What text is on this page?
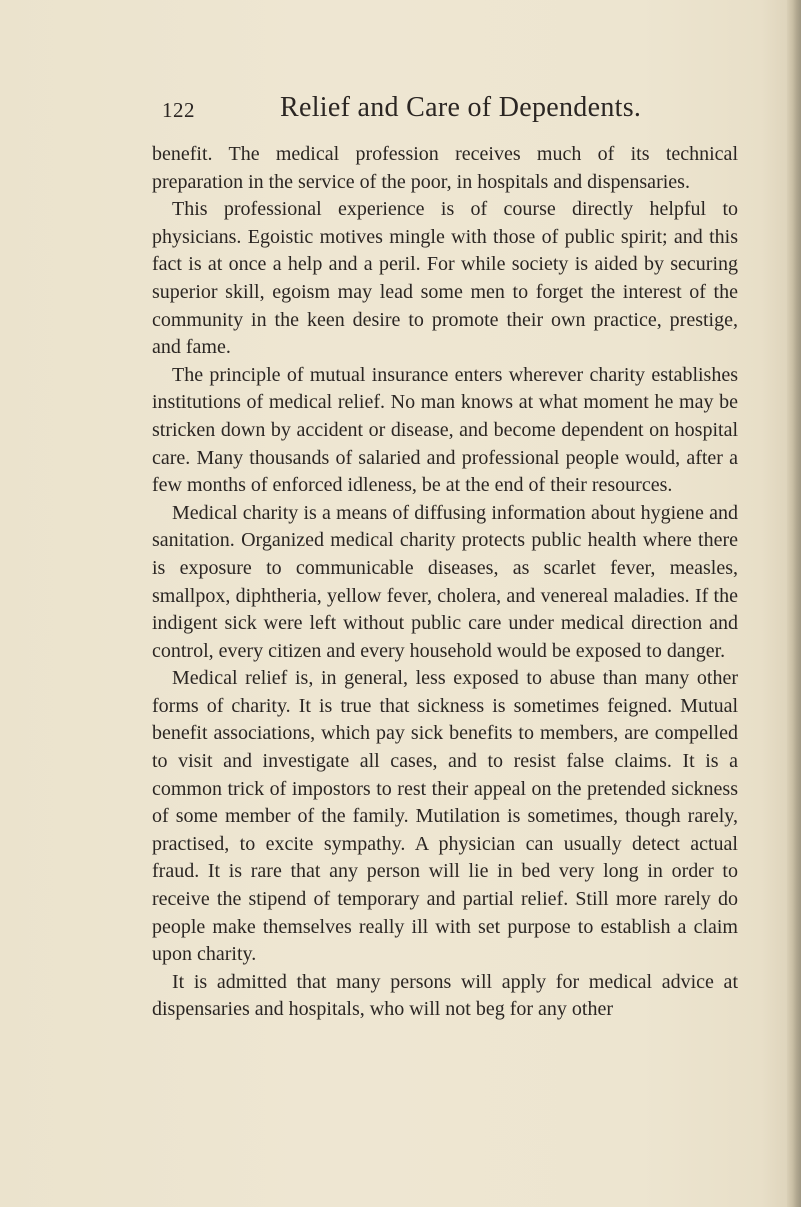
122	Relief and Care of Dependents.

benefit. The medical profession receives much of its technical preparation in the service of the poor, in hospitals and dispensaries.

This professional experience is of course directly helpful to physicians. Egoistic motives mingle with those of public spirit; and this fact is at once a help and a peril. For while society is aided by securing superior skill, egoism may lead some men to forget the interest of the community in the keen desire to promote their own practice, prestige, and fame.

The principle of mutual insurance enters wherever charity establishes institutions of medical relief. No man knows at what moment he may be stricken down by accident or disease, and become dependent on hospital care. Many thousands of salaried and professional people would, after a few months of enforced idleness, be at the end of their resources.

Medical charity is a means of diffusing information about hygiene and sanitation. Organized medical charity protects public health where there is exposure to communicable diseases, as scarlet fever, measles, smallpox, diphtheria, yellow fever, cholera, and venereal maladies. If the indigent sick were left without public care under medical direction and control, every citizen and every household would be exposed to danger.

Medical relief is, in general, less exposed to abuse than many other forms of charity. It is true that sickness is sometimes feigned. Mutual benefit associations, which pay sick benefits to members, are compelled to visit and investigate all cases, and to resist false claims. It is a common trick of impostors to rest their appeal on the pretended sickness of some member of the family. Mutilation is sometimes, though rarely, practised, to excite sympathy. A physician can usually detect actual fraud. It is rare that any person will lie in bed very long in order to receive the stipend of temporary and partial relief. Still more rarely do people make themselves really ill with set purpose to establish a claim upon charity.

It is admitted that many persons will apply for medical advice at dispensaries and hospitals, who will not beg for any other
